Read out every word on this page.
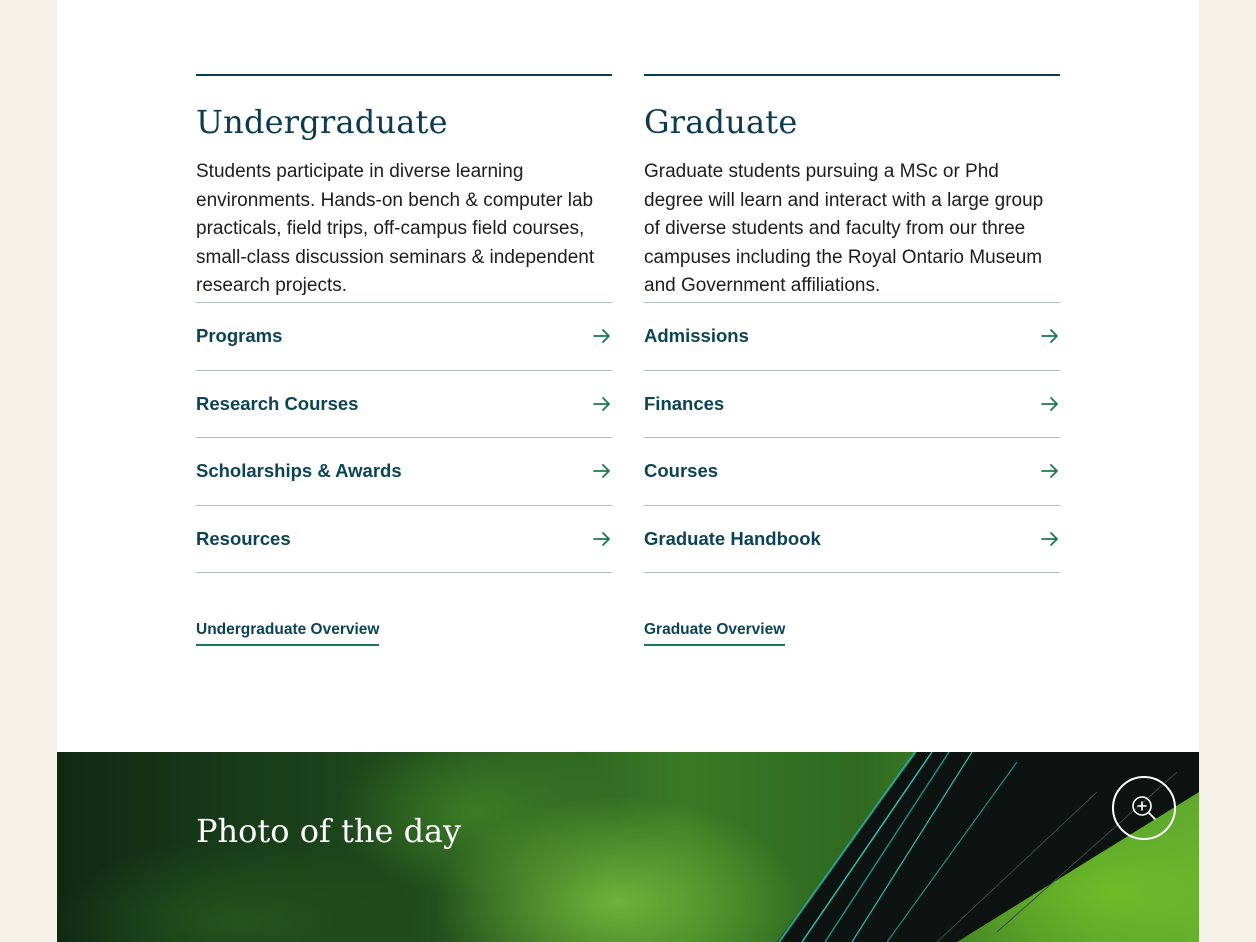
Undergraduate

Students participate in diverse learning environments. Hands-on bench & computer lab practicals, field trips, off-campus field courses, small-class discussion seminars & independent research projects.

Programs
Research Courses
Scholarships & Awards
Resources
Undergraduate Overview
Graduate

Graduate students pursuing a MSc or Phd degree will learn and interact with a large group of diverse students and faculty from our three campuses including the Royal Ontario Museum and Government affiliations.

Admissions
Finances
Courses
Graduate Handbook
Graduate Overview
Photo of the day
